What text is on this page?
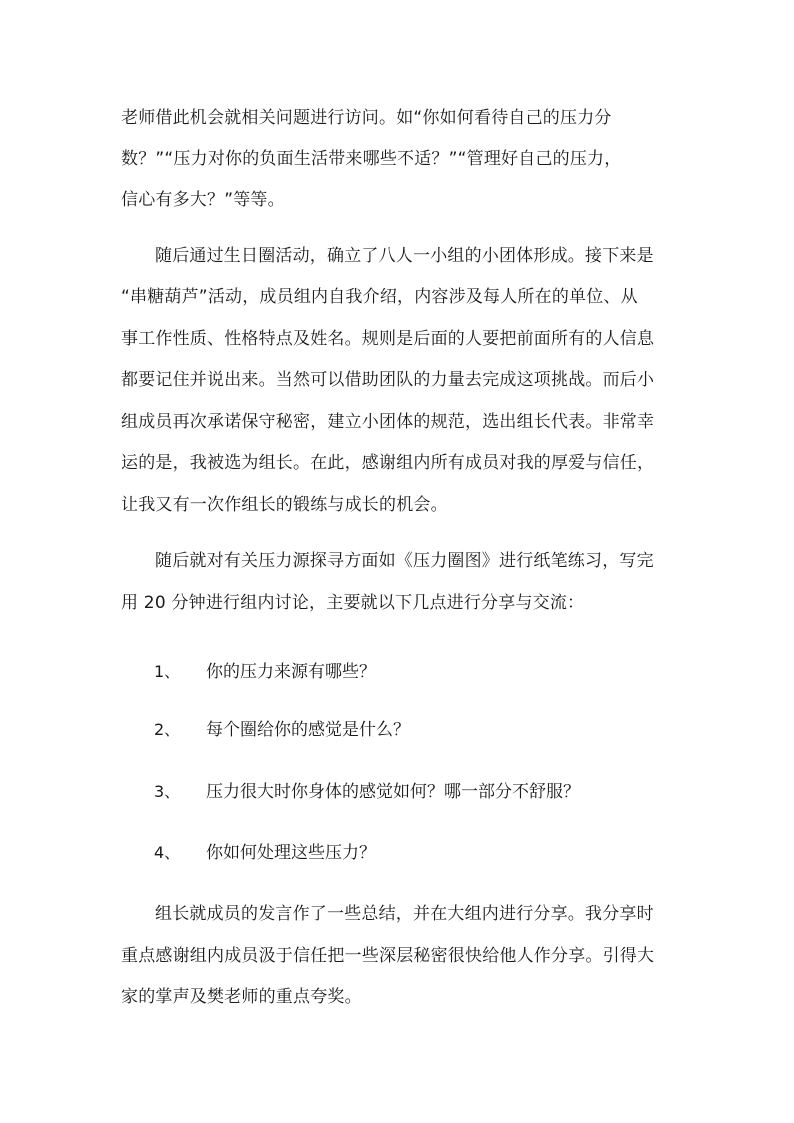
老师借此机会就相关问题进行访问。如“你如何看待自己的压力分
数？”“压力对你的负面生活带来哪些不适？”“管理好自己的压力，
信心有多大？”等等。
随后通过生日圈活动，确立了八人一小组的小团体形成。接下来是
“串糖葫芦”活动，成员组内自我介绍，内容涉及每人所在的单位、从
事工作性质、性格特点及姓名。规则是后面的人要把前面所有的人信息
都要记住并说出来。当然可以借助团队的力量去完成这项挑战。而后小
组成员再次承诺保守秘密，建立小团体的规范，选出组长代表。非常幸
运的是，我被选为组长。在此，感谢组内所有成员对我的厚爱与信任，
让我又有一次作组长的锻练与成长的机会。
随后就对有关压力源探寻方面如《压力圈图》进行纸笔练习，写完
用 20 分钟进行组内讨论，主要就以下几点进行分享与交流：
1、 你的压力来源有哪些？
2、 每个圈给你的感觉是什么？
3、 压力很大时你身体的感觉如何？哪一部分不舒服？
4、 你如何处理这些压力？
组长就成员的发言作了一些总结，并在大组内进行分享。我分享时
重点感谢组内成员汲于信任把一些深层秘密很快给他人作分享。引得大
家的掌声及樊老师的重点夸奖。
